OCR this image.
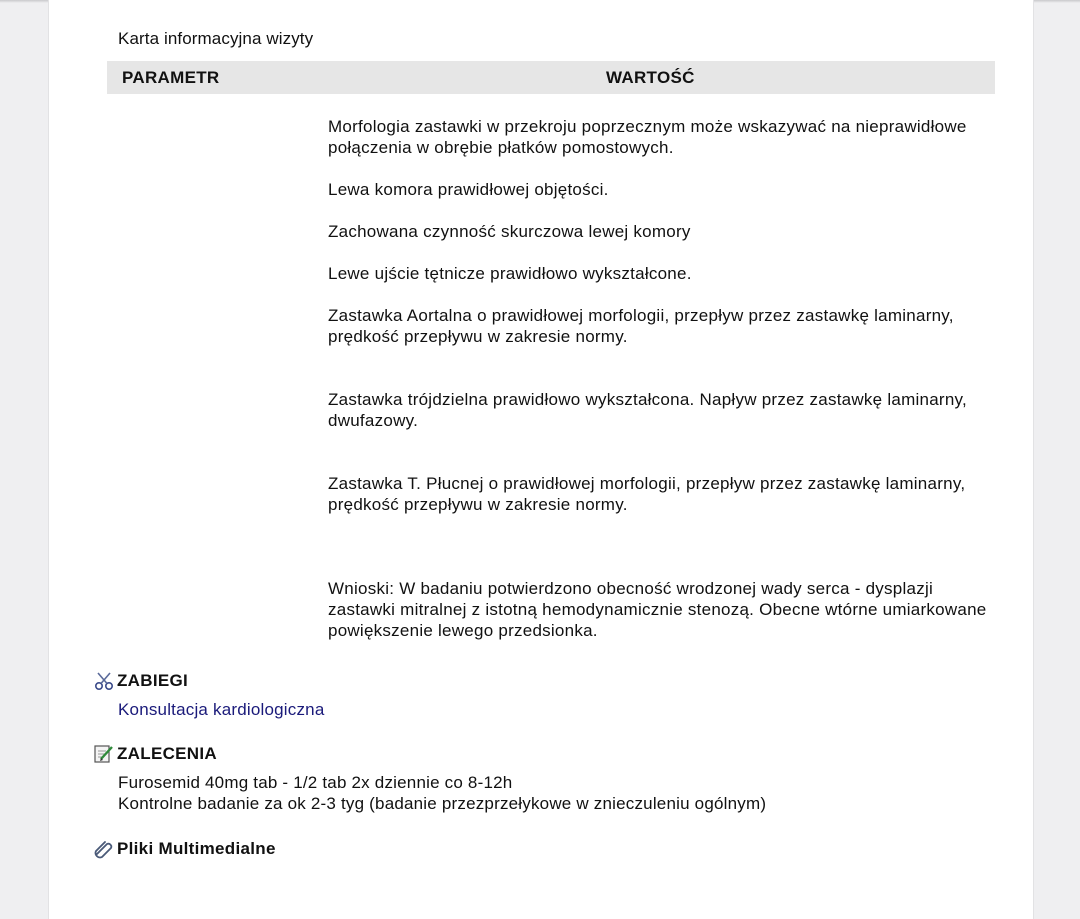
Karta informacyjna wizyty
PARAMETR	WARTOŚĆ
Morfologia zastawki w przekroju poprzecznym może wskazywać na nieprawidłowe połączenia w obrębie płatków pomostowych.
Lewa komora prawidłowej objętości.
Zachowana czynność skurczowa lewej komory
Lewe ujście tętnicze prawidłowo wykształcone.
Zastawka Aortalna o prawidłowej morfologii, przepływ przez zastawkę laminarny, prędkość przepływu w zakresie normy.
Zastawka trójdzielna prawidłowo wykształcona. Napływ przez zastawkę laminarny, dwufazowy.
Zastawka T. Płucnej o prawidłowej morfologii, przepływ przez zastawkę laminarny, prędkość przepływu w zakresie normy.
Wnioski: W badaniu potwierdzono obecność wrodzonej wady serca - dysplazji zastawki mitralnej z istotną hemodynamicznie stenozą. Obecne wtórne umiarkowane powiększenie lewego przedsionka.
ZABIEGI
Konsultacja kardiologiczna
ZALECENIA
Furosemid 40mg tab - 1/2 tab 2x dziennie co 8-12h
Kontrolne badanie za ok 2-3 tyg (badanie przezprzełykowe w znieczuleniu ogólnym)
Pliki Multimedialne
